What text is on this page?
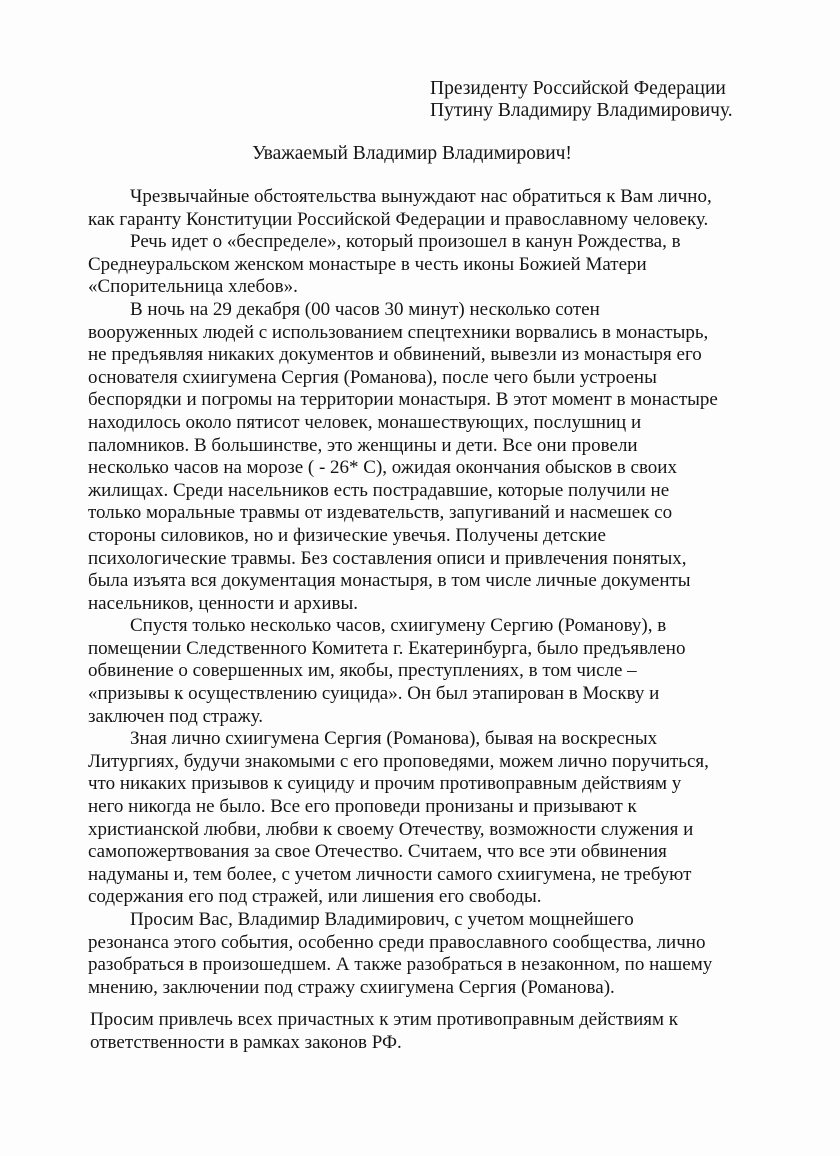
Президенту Российской Федерации
Путину Владимиру Владимировичу.
Уважаемый Владимир Владимирович!

Чрезвычайные обстоятельства вынуждают нас обратиться к Вам лично,
как гаранту Конституции Российской Федерации и православному человеку.

Речь идет о «беспределе», который произошел в канун Рождества, в
Среднеуральском женском монастыре в честь иконы Божией Матери
«Спорительница хлебов».

В ночь на 29 декабря (00 часов 30 минут) несколько сотен
вооруженных людей с использованием спецтехники ворвались в монастырь,
не предъявляя никаких документов и обвинений, вывезли из монастыря его
основателя схиигумена Сергия (Романова), после чего были устроены
беспорядки и погромы на территории монастыря. В этот момент в монастыре
находилось около пятисот человек, монашествующих, послушниц и
паломников. В большинстве, это женщины и дети. Все они провели
несколько часов на морозе ( - 26* С), ожидая окончания обысков в своих
жилищах. Среди насельников есть пострадавшие, которые получили не
только моральные травмы от издевательств, запугиваний и насмешек со
стороны силовиков, но и физические увечья. Получены детские
психологические травмы. Без составления описи и привлечения понятых,
была изъята вся документация монастыря, в том числе личные документы
насельников, ценности и архивы.

Спустя только несколько часов, схиигумену Сергию (Романову), в
помещении Следственного Комитета г. Екатеринбурга, было предъявлено
обвинение о совершенных им, якобы, преступлениях, в том числе –
«призывы к осуществлению суицида». Он был этапирован в Москву и
заключен под стражу.

Зная лично схиигумена Сергия (Романова), бывая на воскресных
Литургиях, будучи знакомыми с его проповедями, можем лично поручиться,
что никаких призывов к суициду и прочим противоправным действиям у
него никогда не было. Все его проповеди пронизаны и призывают к
христианской любви, любви к своему Отечеству, возможности служения и
самопожертвования за свое Отечество. Считаем, что все эти обвинения
надуманы и, тем более, с учетом личности самого схиигумена, не требуют
содержания его под стражей, или лишения его свободы.

Просим Вас, Владимир Владимирович, с учетом мощнейшего
резонанса этого события, особенно среди православного сообщества, лично
разобраться в произошедшем. А также разобраться в незаконном, по нашему
мнению, заключении под стражу схиигумена Сергия (Романова).

Просим привлечь всех причастных к этим противоправным действиям к
ответственности в рамках законов РФ.
